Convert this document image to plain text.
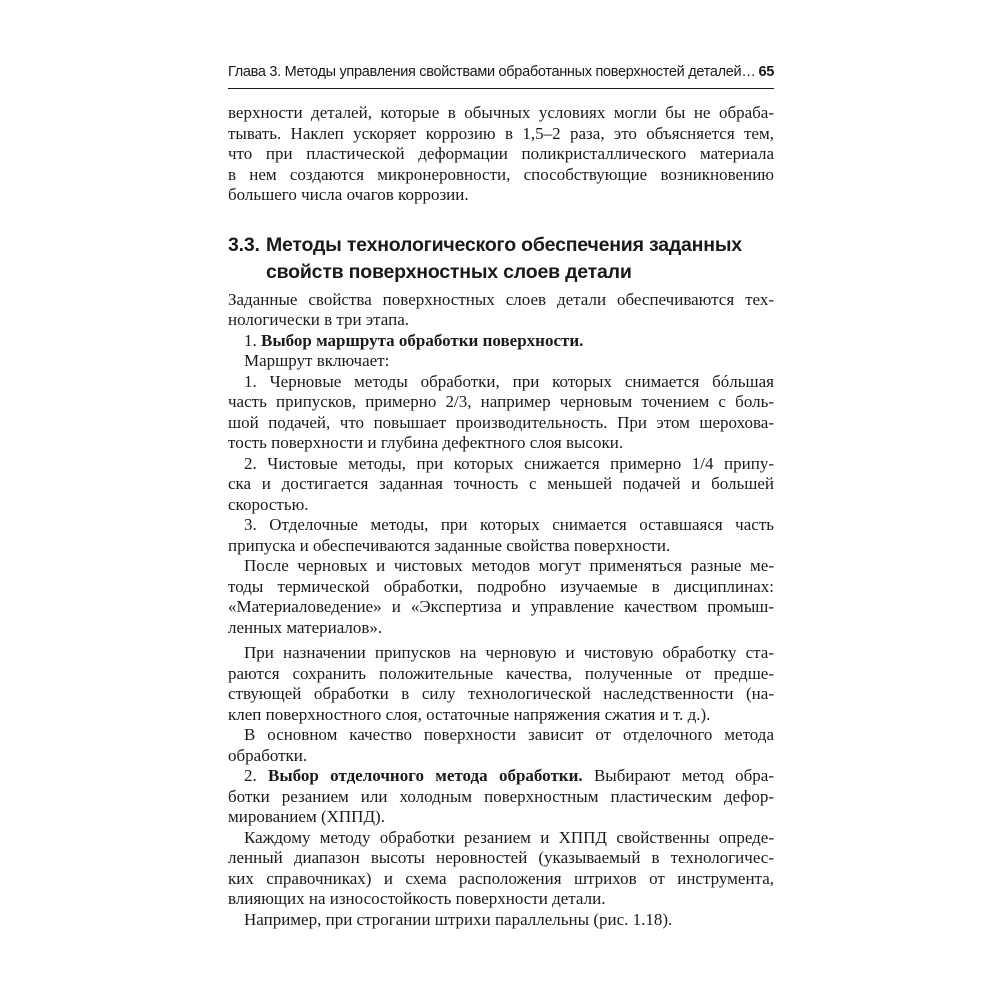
Глава 3. Методы управления свойствами обработанных поверхностей деталей… 65
верхности деталей, которые в обычных условиях могли бы не обраба-
тывать. Наклеп ускоряет коррозию в 1,5–2 раза, это объясняется тем,
что при пластической деформации поликристаллического материала
в нем создаются микронеровности, способствующие возникновению
большего числа очагов коррозии.
3.3. Методы технологического обеспечения заданных
свойств поверхностных слоев детали
Заданные свойства поверхностных слоев детали обеспечиваются тех-
нологически в три этапа.
1. Выбор маршрута обработки поверхности.
Маршрут включает:
1. Черновые методы обработки, при которых снимается бóльшая
часть припусков, примерно 2/3, например черновым точением с боль-
шой подачей, что повышает производительность. При этом шерохова-
тость поверхности и глубина дефектного слоя высоки.
2. Чистовые методы, при которых снижается примерно 1/4 припу-
ска и достигается заданная точность с меньшей подачей и большей
скоростью.
3. Отделочные методы, при которых снимается оставшаяся часть
припуска и обеспечиваются заданные свойства поверхности.
После черновых и чистовых методов могут применяться разные ме-
тоды термической обработки, подробно изучаемые в дисциплинах:
«Материаловедение» и «Экспертиза и управление качеством промыш-
ленных материалов».
При назначении припусков на черновую и чистовую обработку ста-
раются сохранить положительные качества, полученные от предше-
ствующей обработки в силу технологической наследственности (на-
клеп поверхностного слоя, остаточные напряжения сжатия и т. д.).
В основном качество поверхности зависит от отделочного метода
обработки.
2. Выбор отделочного метода обработки. Выбирают метод обра-
ботки резанием или холодным поверхностным пластическим дефор-
мированием (ХППД).
Каждому методу обработки резанием и ХППД свойственны опреде-
ленный диапазон высоты неровностей (указываемый в технологичес-
ких справочниках) и схема расположения штрихов от инструмента,
влияющих на износостойкость поверхности детали.
Например, при строгании штрихи параллельны (рис. 1.18).
